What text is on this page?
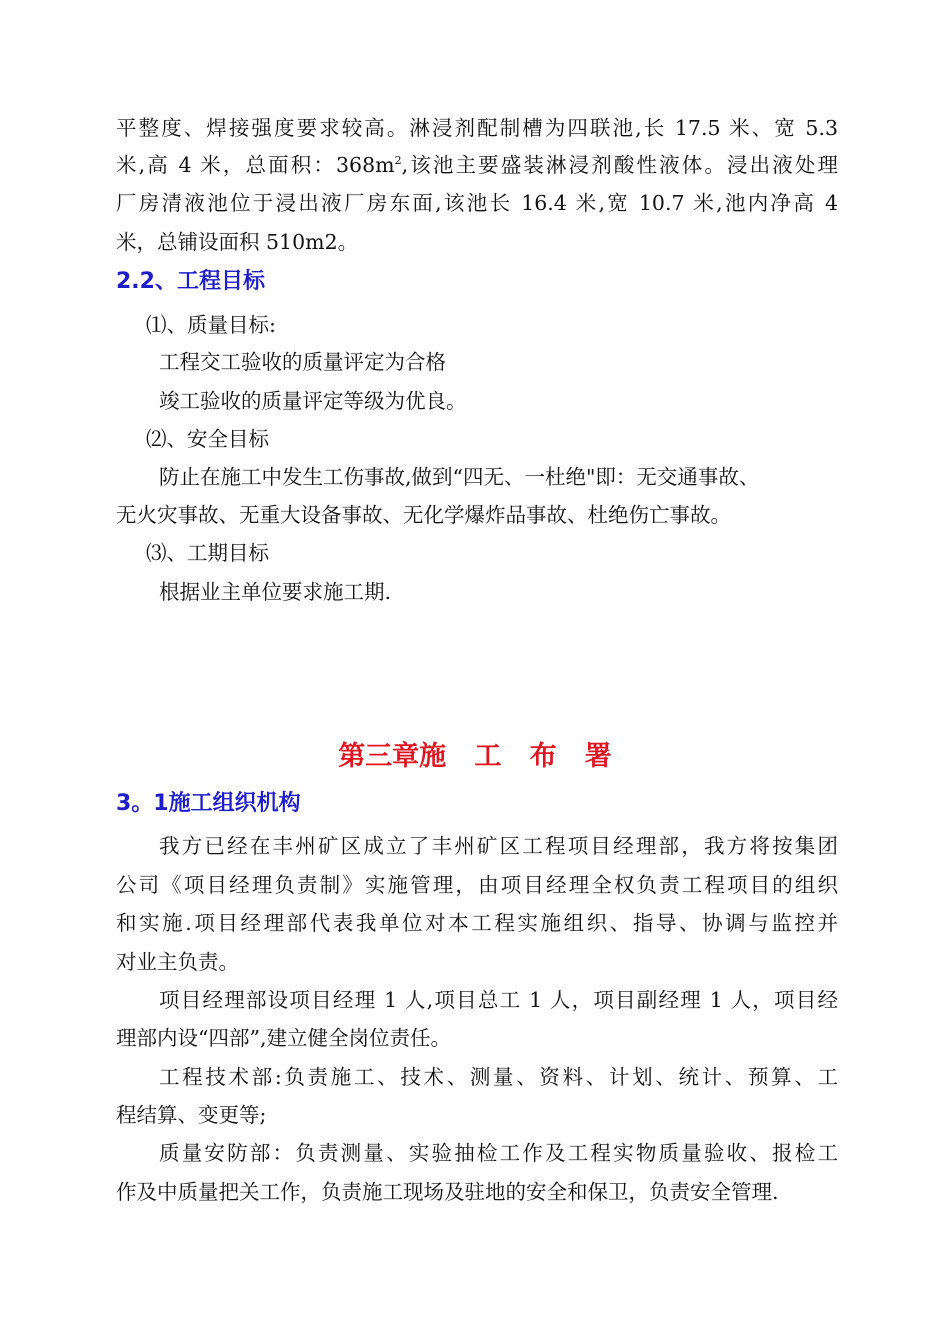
平整度、焊接强度要求较高。淋浸剂配制槽为四联池,长 17.5 米、宽 5.3
米,高 4 米，总面积：$368m^2$,该池主要盛装淋浸剂酸性液体。浸出液处理
厂房清液池位于浸出液厂房东面,该池长 16.4 米,宽 10.7 米,池内净高 4
米，总铺设面积 510m2。
2.2、工程目标
⑴、质量目标:
工程交工验收的质量评定为合格
竣工验收的质量评定等级为优良。
⑵、安全目标
防止在施工中发生工伤事故,做到“四无、一杜绝"即：无交通事故、
无火灾事故、无重大设备事故、无化学爆炸品事故、杜绝伤亡事故。
⑶、工期目标
根据业主单位要求施工期.
第三章施   工   布   署
3。1施工组织机构
我方已经在丰州矿区成立了丰州矿区工程项目经理部，我方将按集团
公司《项目经理负责制》实施管理，由项目经理全权负责工程项目的组织
和实施.项目经理部代表我单位对本工程实施组织、指导、协调与监控并
对业主负责。
项目经理部设项目经理 1 人,项目总工 1 人，项目副经理 1 人，项目经
理部内设“四部”,建立健全岗位责任。
工程技术部:负责施工、技术、测量、资料、计划、统计、预算、工
程结算、变更等;
质量安防部：负责测量、实验抽检工作及工程实物质量验收、报检工
作及中质量把关工作，负责施工现场及驻地的安全和保卫，负责安全管理.
